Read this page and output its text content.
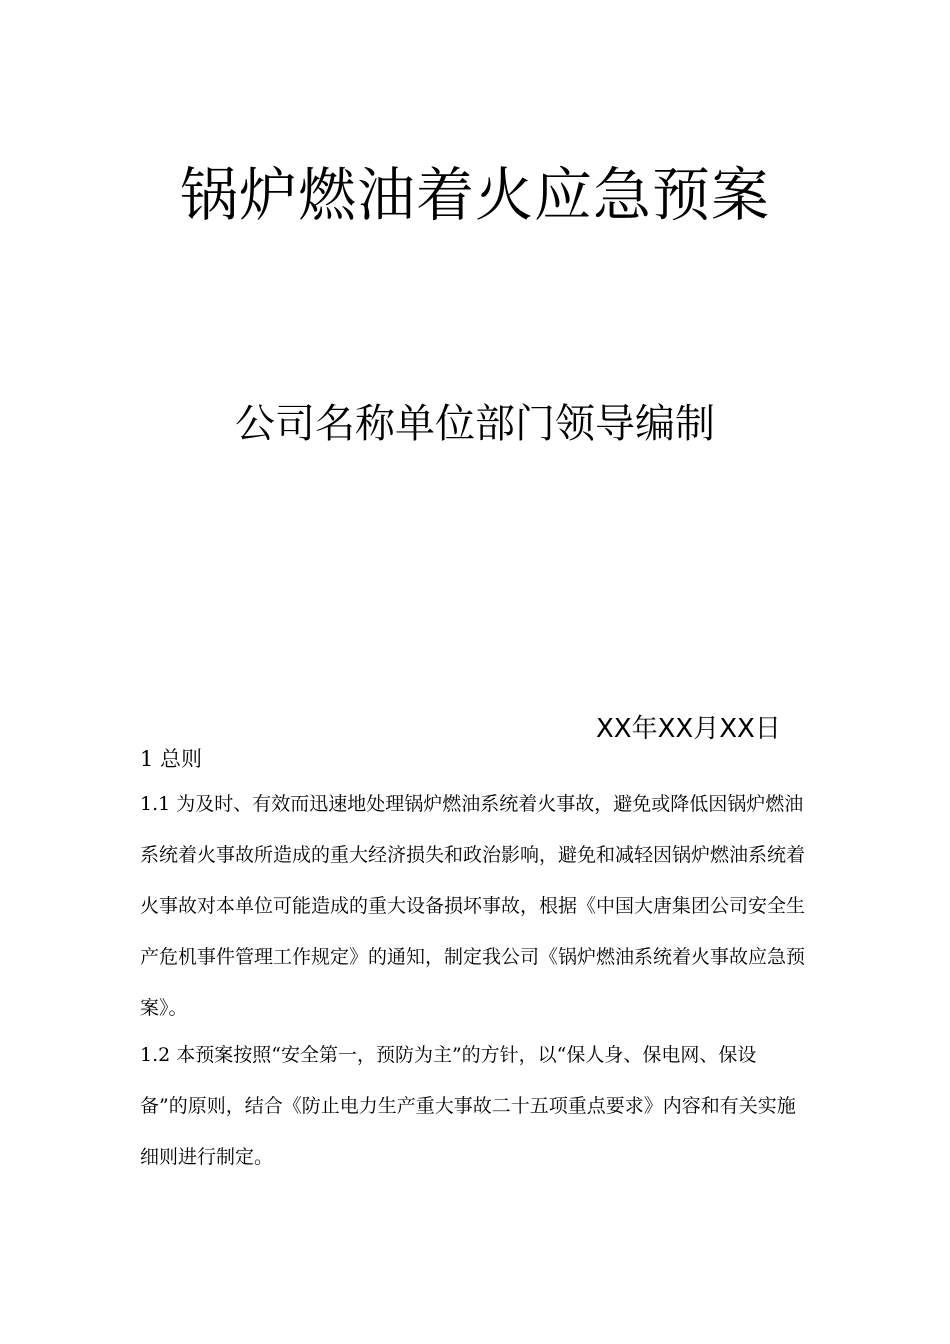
锅炉燃油着火应急预案
公司名称单位部门领导编制
XX年XX月XX日
1 总则
1.1 为及时、有效而迅速地处理锅炉燃油系统着火事故，避免或降低因锅炉燃油
系统着火事故所造成的重大经济损失和政治影响，避免和减轻因锅炉燃油系统着
火事故对本单位可能造成的重大设备损坏事故，根据《中国大唐集团公司安全生
产危机事件管理工作规定》的通知，制定我公司《锅炉燃油系统着火事故应急预
案》。
1.2 本预案按照“安全第一，预防为主”的方针，以“保人身、保电网、保设
备”的原则，结合《防止电力生产重大事故二十五项重点要求》内容和有关实施
细则进行制定。
